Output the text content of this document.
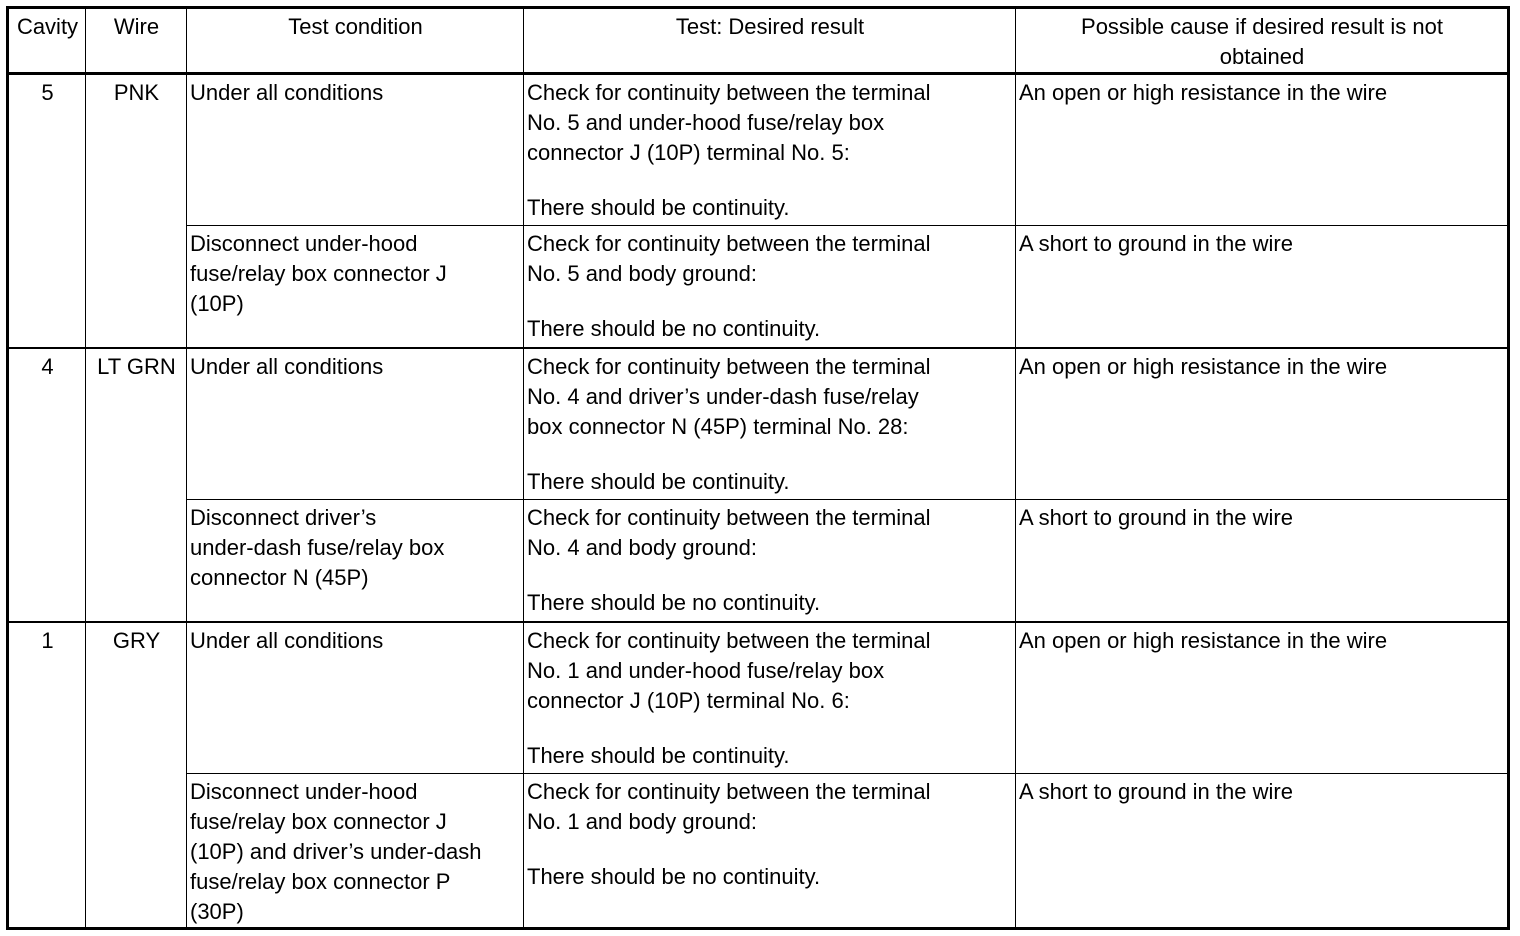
Cavity	Wire	Test condition	Test: Desired result	Possible cause if desired result is not
obtained

5	PNK	Under all conditions	Check for continuity between the terminal
No. 5 and under-hood fuse/relay box
connector J (10P) terminal No. 5:
There should be continuity.	An open or high resistance in the wire

		Disconnect under-hood
fuse/relay box connector J
(10P)	Check for continuity between the terminal
No. 5 and body ground:
There should be no continuity.	A short to ground in the wire
4	LT GRN	Under all conditions	Check for continuity between the terminal
No. 4 and driver’s under-dash fuse/relay
box connector N (45P) terminal No. 28:
There should be continuity.	An open or high resistance in the wire

		Disconnect driver’s
under-dash fuse/relay box
connector N (45P)	Check for continuity between the terminal
No. 4 and body ground:
There should be no continuity.	A short to ground in the wire
1	GRY	Under all conditions	Check for continuity between the terminal
No. 1 and under-hood fuse/relay box
connector J (10P) terminal No. 6:
There should be continuity.	An open or high resistance in the wire

		Disconnect under-hood
fuse/relay box connector J
(10P) and driver’s under-dash
fuse/relay box connector P
(30P)	Check for continuity between the terminal
No. 1 and body ground:
There should be no continuity.	A short to ground in the wire
